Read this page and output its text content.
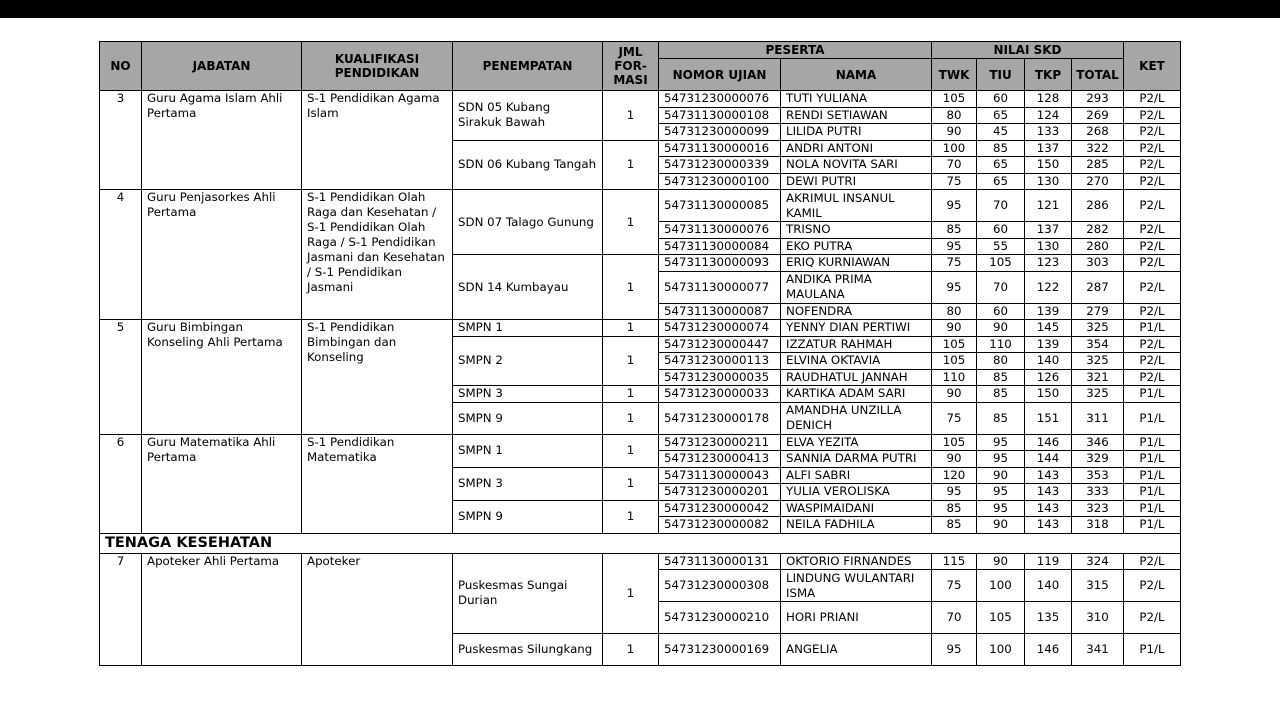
NO	JABATAN	KUALIFIKASI PENDIDIKAN	PENEMPATAN	JML FOR-MASI	PESERTA		NILAI SKD				KET
					NOMOR UJIAN	NAMA	TWK	TIU	TKP	TOTAL	
3	Guru Agama Islam Ahli Pertama	S-1 Pendidikan Agama Islam	SDN 05 Kubang Sirakuk Bawah	1	54731230000076	TUTI YULIANA	105	60	128	293	P2/L
					54731130000108	RENDI SETIAWAN	80	65	124	269	P2/L
					54731230000099	LILIDA PUTRI	90	45	133	268	P2/L
			SDN 06 Kubang Tangah	1	54731130000016	ANDRI ANTONI	100	85	137	322	P2/L
					54731230000339	NOLA NOVITA SARI	70	65	150	285	P2/L
					54731230000100	DEWI PUTRI	75	65	130	270	P2/L
4	Guru Penjasorkes Ahli Pertama	S-1 Pendidikan Olah Raga dan Kesehatan / S-1 Pendidikan Olah Raga / S-1 Pendidikan Jasmani dan Kesehatan / S-1 Pendidikan Jasmani	SDN 07 Talago Gunung	1	54731130000085	AKRIMUL INSANUL KAMIL	95	70	121	286	P2/L
					54731130000076	TRISNO	85	60	137	282	P2/L
					54731130000084	EKO PUTRA	95	55	130	280	P2/L
			SDN 14 Kumbayau	1	54731130000093	ERIQ KURNIAWAN	75	105	123	303	P2/L
					54731130000077	ANDIKA PRIMA MAULANA	95	70	122	287	P2/L
					54731130000087	NOFENDRA	80	60	139	279	P2/L
5	Guru Bimbingan Konseling Ahli Pertama	S-1 Pendidikan Bimbingan dan Konseling	SMPN 1	1	54731230000074	YENNY DIAN PERTIWI	90	90	145	325	P1/L
			SMPN 2	1	54731230000447	IZZATUR RAHMAH	105	110	139	354	P2/L
					54731230000113	ELVINA OKTAVIA	105	80	140	325	P2/L
					54731230000035	RAUDHATUL JANNAH	110	85	126	321	P2/L
			SMPN 3	1	54731230000033	KARTIKA ADAM SARI	90	85	150	325	P1/L
			SMPN 9	1	54731230000178	AMANDHA UNZILLA DENICH	75	85	151	311	P1/L
6	Guru Matematika Ahli Pertama	S-1 Pendidikan Matematika	SMPN 1	1	54731230000211	ELVA YEZITA	105	95	146	346	P1/L
					54731230000413	SANNIA DARMA PUTRI	90	95	144	329	P1/L
			SMPN 3	1	54731130000043	ALFI SABRI	120	90	143	353	P1/L
					54731230000201	YULIA VEROLISKA	95	95	143	333	P1/L
			SMPN 9	1	54731230000042	WASPIMAIDANI	85	95	143	323	P1/L
					54731230000082	NEILA FADHILA	85	90	143	318	P1/L
TENAGA KESEHATAN											
7	Apoteker Ahli Pertama	Apoteker	Puskesmas Sungai Durian	1	54731130000131	OKTORIO FIRNANDES	115	90	119	324	P2/L
					54731230000308	LINDUNG WULANTARI ISMA	75	100	140	315	P2/L
					54731230000210	HORI PRIANI	70	105	135	310	P2/L
			Puskesmas Silungkang	1	54731230000169	ANGELIA	95	100	146	341	P1/L
